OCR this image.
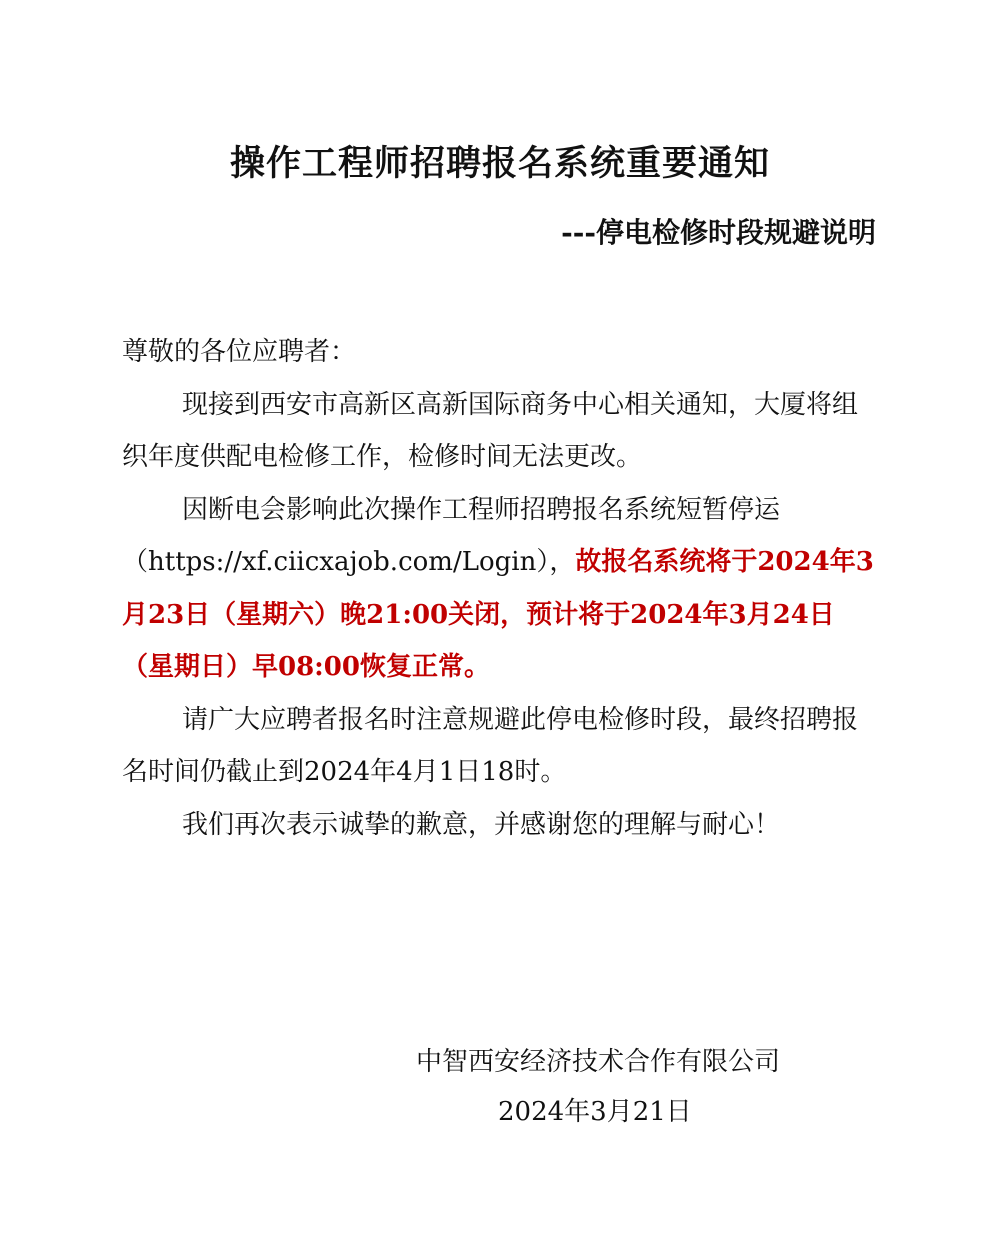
操作工程师招聘报名系统重要通知
---停电检修时段规避说明

尊敬的各位应聘者：

现接到西安市高新区高新国际商务中心相关通知，大厦将组织年度供配电检修工作，检修时间无法更改。

因断电会影响此次操作工程师招聘报名系统短暂停运（https://xf.ciicxajob.com/Login），故报名系统将于2024年3月23日（星期六）晚21:00关闭，预计将于2024年3月24日（星期日）早08:00恢复正常。

请广大应聘者报名时注意规避此停电检修时段，最终招聘报名时间仍截止到2024年4月1日18时。

我们再次表示诚挚的歉意，并感谢您的理解与耐心！

中智西安经济技术合作有限公司
2024年3月21日
